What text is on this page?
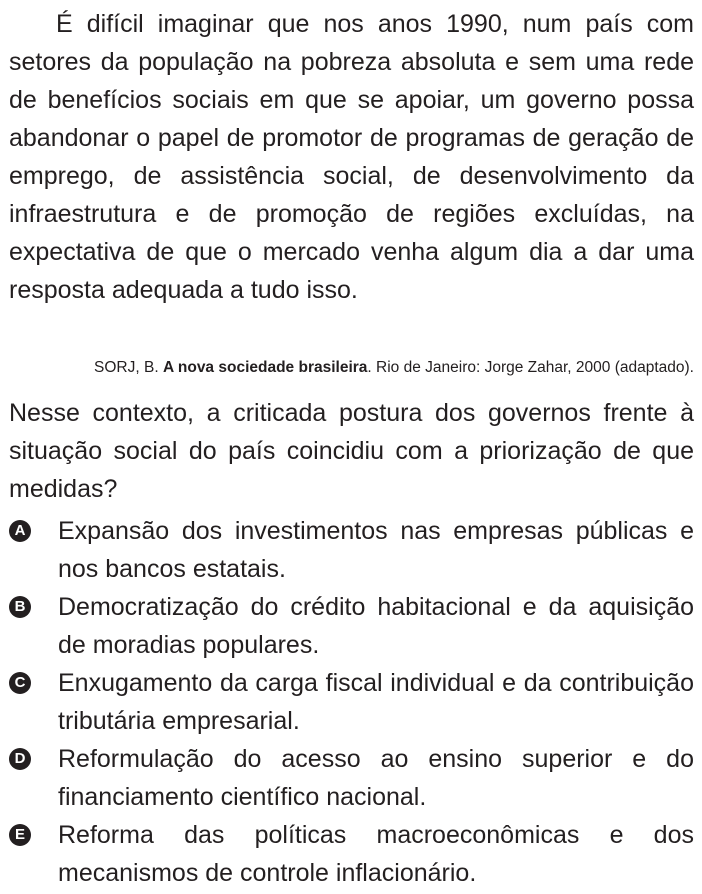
É difícil imaginar que nos anos 1990, num país com setores da população na pobreza absoluta e sem uma rede de benefícios sociais em que se apoiar, um governo possa abandonar o papel de promotor de programas de geração de emprego, de assistência social, de desenvolvimento da infraestrutura e de promoção de regiões excluídas, na expectativa de que o mercado venha algum dia a dar uma resposta adequada a tudo isso.

SORJ, B. A nova sociedade brasileira. Rio de Janeiro: Jorge Zahar, 2000 (adaptado).

Nesse contexto, a criticada postura dos governos frente à situação social do país coincidiu com a priorização de que medidas?

A Expansão dos investimentos nas empresas públicas e nos bancos estatais.
B Democratização do crédito habitacional e da aquisição de moradias populares.
C Enxugamento da carga fiscal individual e da contribuição tributária empresarial.
D Reformulação do acesso ao ensino superior e do financiamento científico nacional.
E Reforma das políticas macroeconômicas e dos mecanismos de controle inflacionário.
